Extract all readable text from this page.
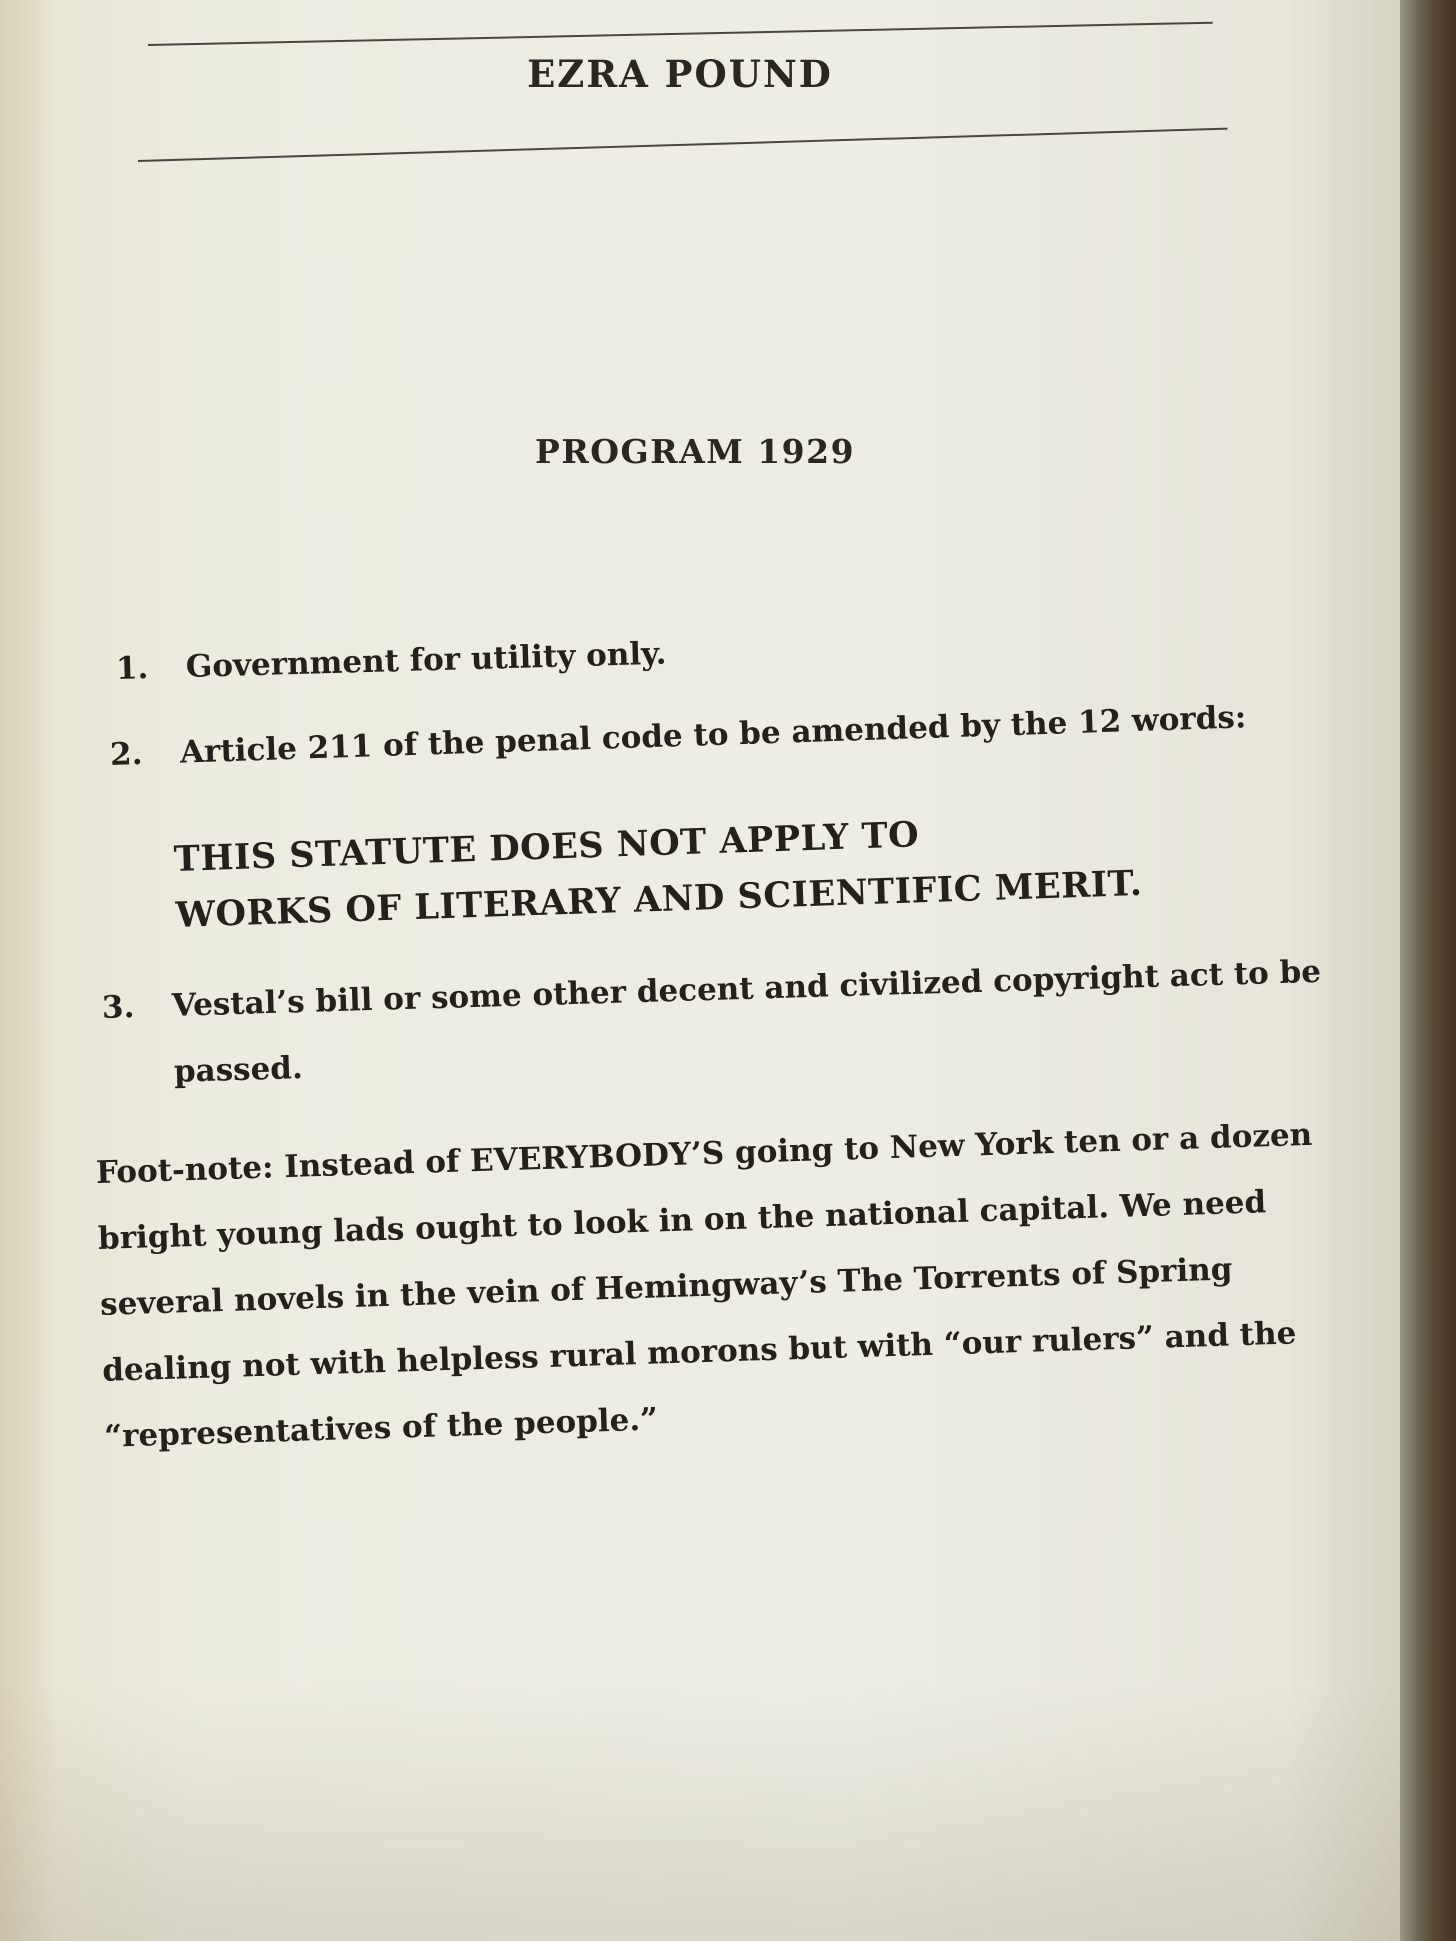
EZRA POUND
PROGRAM 1929
1. Government for utility only.
2. Article 211 of the penal code to be amended by the 12 words:
THIS STATUTE DOES NOT APPLY TO
WORKS OF LITERARY AND SCIENTIFIC MERIT.
3. Vestal’s bill or some other decent and civilized copyright act to be passed.
Foot-note: Instead of EVERYBODY’S going to New York ten or a dozen bright young lads ought to look in on the national capital. We need several novels in the vein of Hemingway’s The Torrents of Spring dealing not with helpless rural morons but with “our rulers” and the “representatives of the people.”
